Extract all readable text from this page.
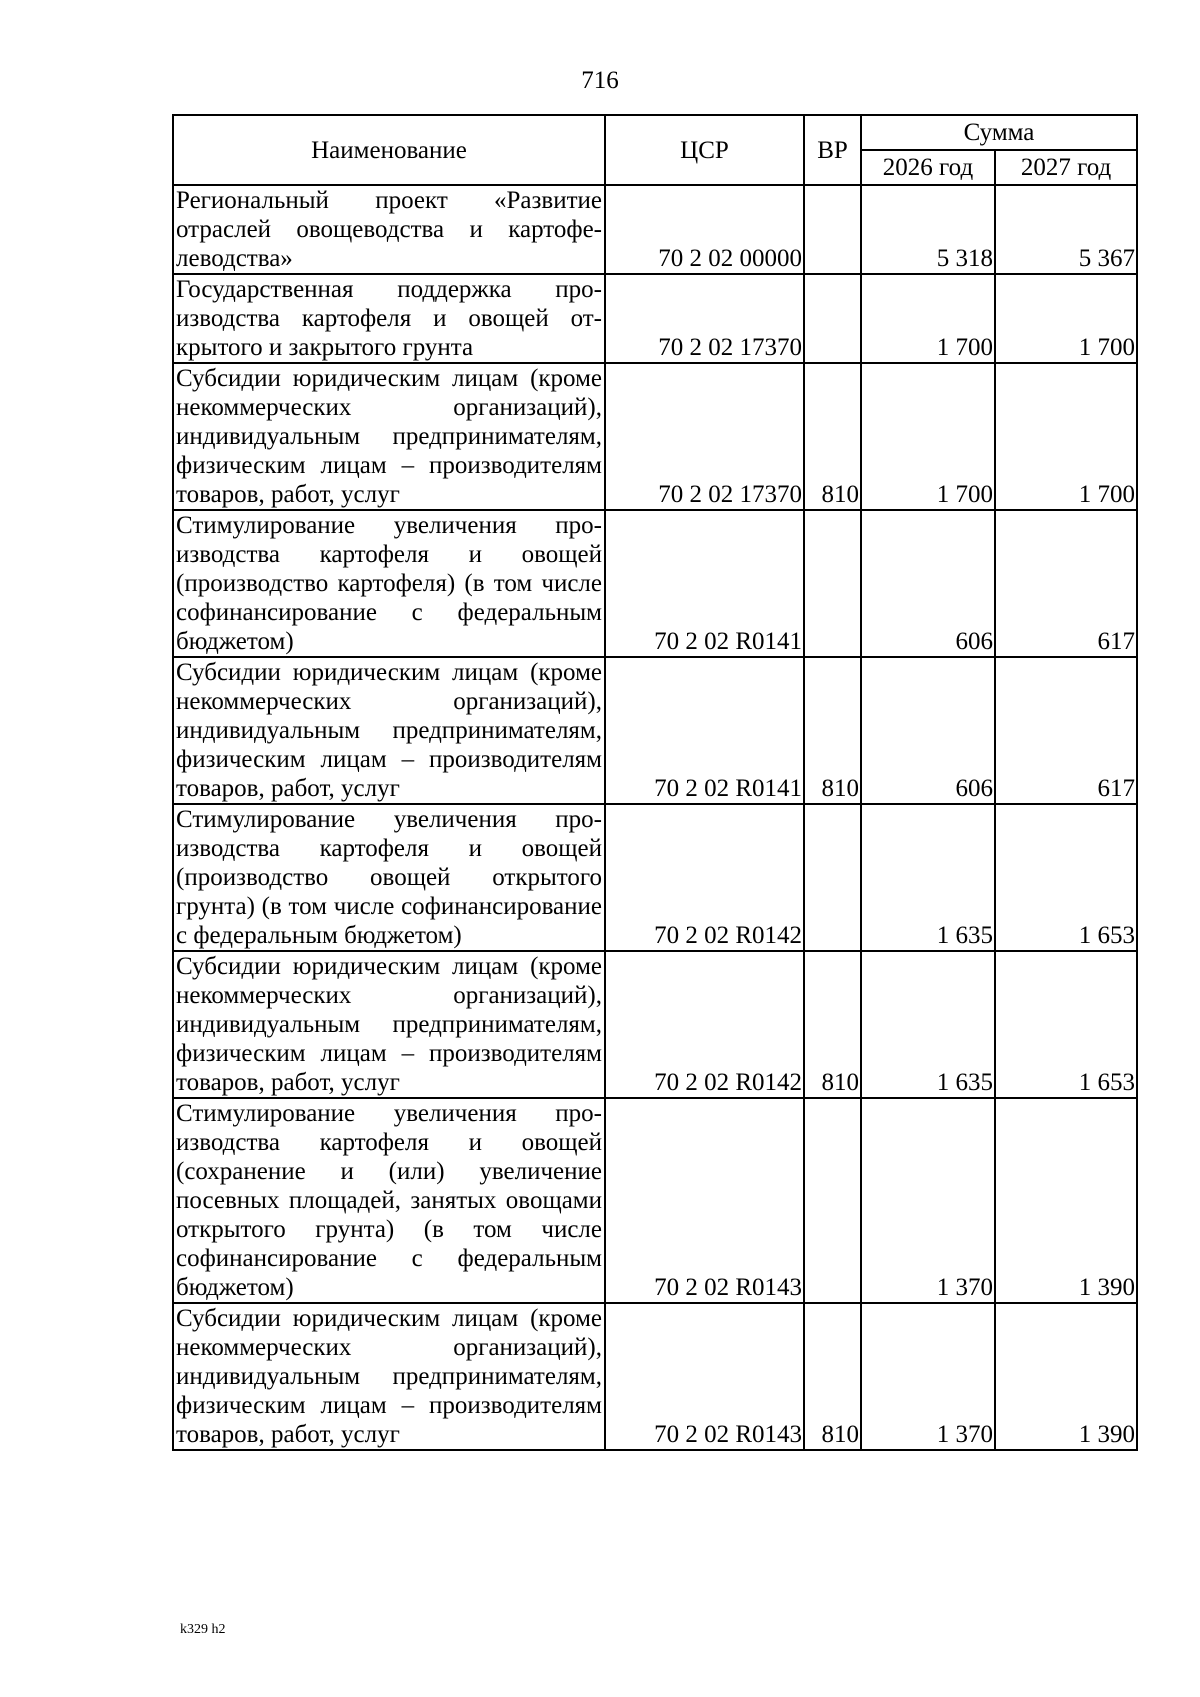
716
Наименование	ЦСР	ВР	Сумма	
			2026 год	2027 год
Региональный проект «Развитие отраслей овощеводства и картофелеводства»	70 2 02 00000		5 318	5 367
Государственная поддержка производства картофеля и овощей открытого и закрытого грунта	70 2 02 17370		1 700	1 700
Субсидии юридическим лицам (кроме некоммерческих организаций), индивидуальным предпринимателям, физическим лицам – производителям товаров, работ, услуг	70 2 02 17370	810	1 700	1 700
Стимулирование увеличения производства картофеля и овощей (производство картофеля) (в том числе софинансирование с федеральным бюджетом)	70 2 02 R0141		606	617
Субсидии юридическим лицам (кроме некоммерческих организаций), индивидуальным предпринимателям, физическим лицам – производителям товаров, работ, услуг	70 2 02 R0141	810	606	617
Стимулирование увеличения производства картофеля и овощей (производство овощей открытого грунта) (в том числе софинансирование с федеральным бюджетом)	70 2 02 R0142		1 635	1 653
Субсидии юридическим лицам (кроме некоммерческих организаций), индивидуальным предпринимателям, физическим лицам – производителям товаров, работ, услуг	70 2 02 R0142	810	1 635	1 653
Стимулирование увеличения производства картофеля и овощей (сохранение и (или) увеличение посевных площадей, занятых овощами открытого грунта) (в том числе софинансирование с федеральным бюджетом)	70 2 02 R0143		1 370	1 390
Субсидии юридическим лицам (кроме некоммерческих организаций), индивидуальным предпринимателям, физическим лицам – производителям товаров, работ, услуг	70 2 02 R0143	810	1 370	1 390
k329 h2
